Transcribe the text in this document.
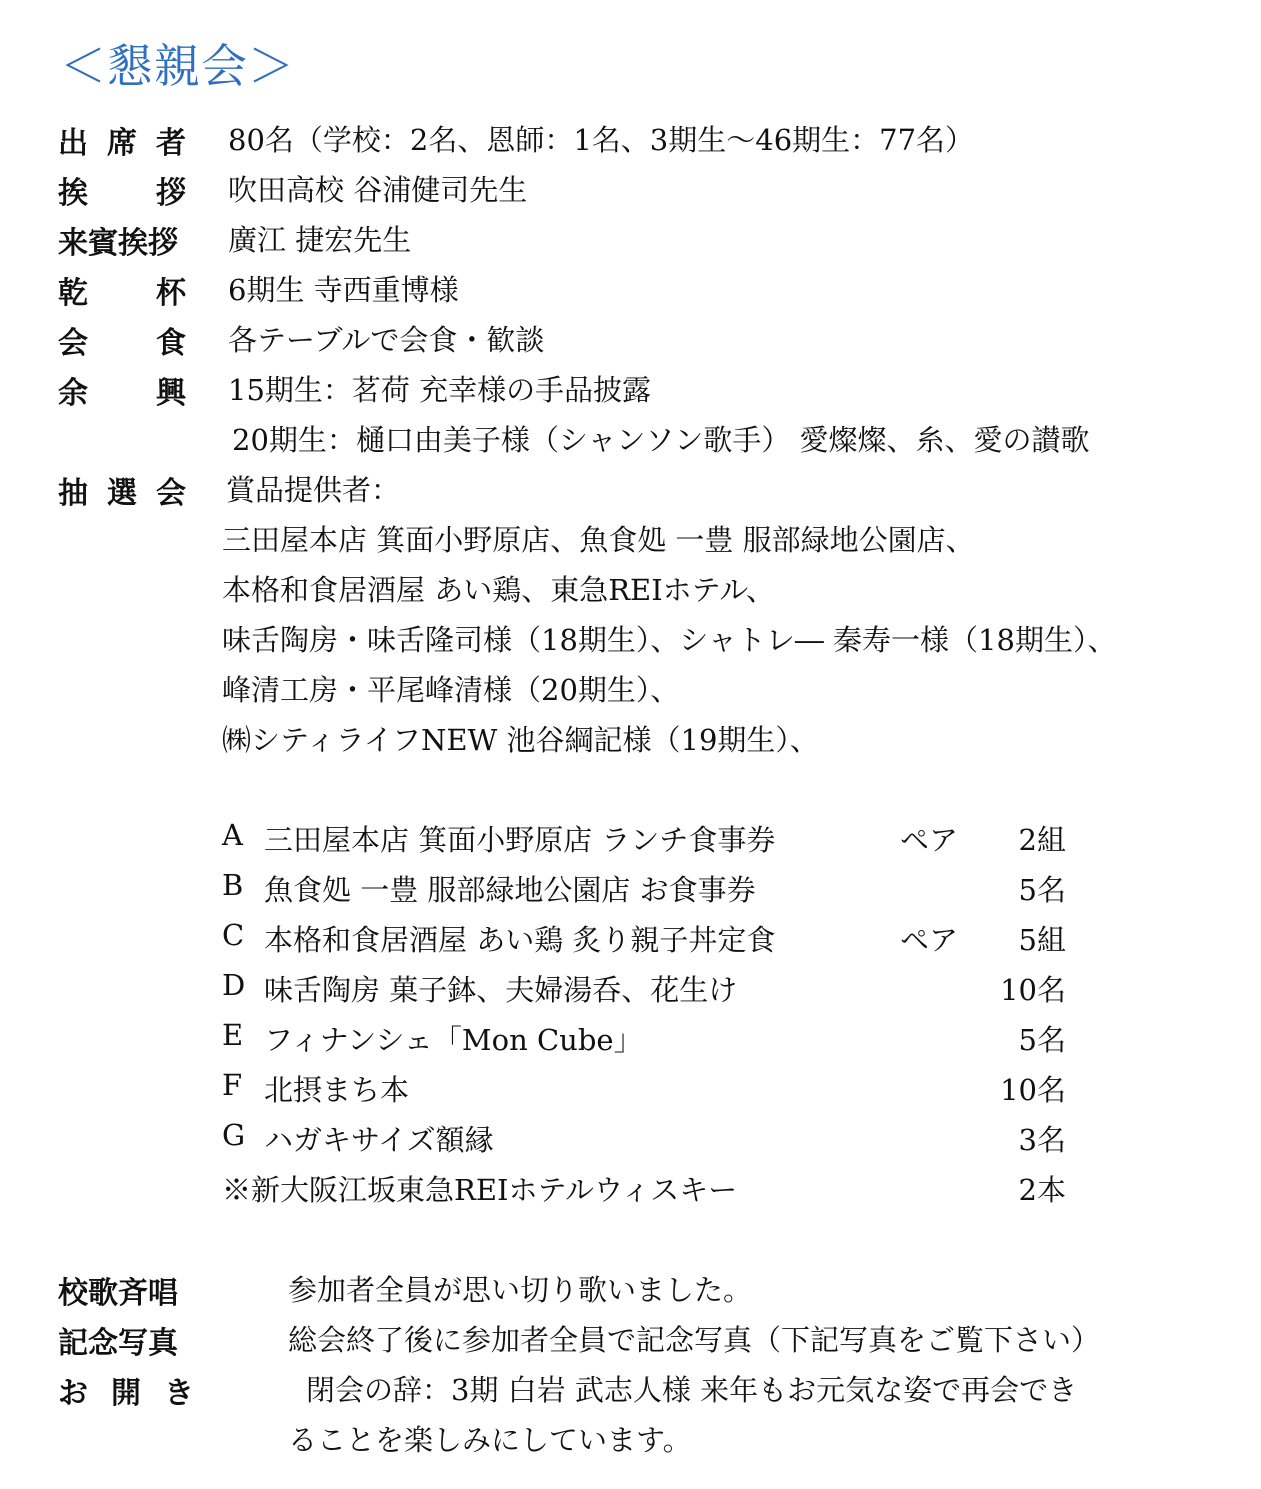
＜懇親会＞
出 席 者 80名（学校：2名、恩師：1名、3期生～46期生：77名）
挨 拶 吹田高校 谷浦健司先生
来賓挨拶 廣江 捷宏先生
乾 杯 6期生 寺西重博様
会 食 各テーブルで会食・歓談
余 興 15期生：茗荷 充幸様の手品披露
20期生：樋口由美子様（シャンソン歌手） 愛燦燦、糸、愛の讃歌
抽 選 会 賞品提供者：
三田屋本店 箕面小野原店、魚食処 一豊 服部緑地公園店、
本格和食居酒屋 あい鶏、東急REIホテル、
味舌陶房・味舌隆司様（18期生）、シャトレ― 秦寿一様（18期生）、
峰清工房・平尾峰清様（20期生）、
㈱シティライフNEW 池谷綱記様（19期生）、
A 三田屋本店 箕面小野原店 ランチ食事券	ペア	2組
B 魚食処 一豊 服部緑地公園店 お食事券	5名
C 本格和食居酒屋 あい鶏 炙り親子丼定食	ペア	5組
D 味舌陶房 菓子鉢、夫婦湯呑、花生け	10名
E フィナンシェ「Mon Cube」	5名
F 北摂まち本	10名
G ハガキサイズ額縁	3名
※新大阪江坂東急REIホテルウィスキー	2本
校歌斉唱	参加者全員が思い切り歌いました。
記念写真	総会終了後に参加者全員で記念写真（下記写真をご覧下さい）
お 開 き	閉会の辞：3期 白岩 武志人様 来年もお元気な姿で再会でき
ることを楽しみにしています。
